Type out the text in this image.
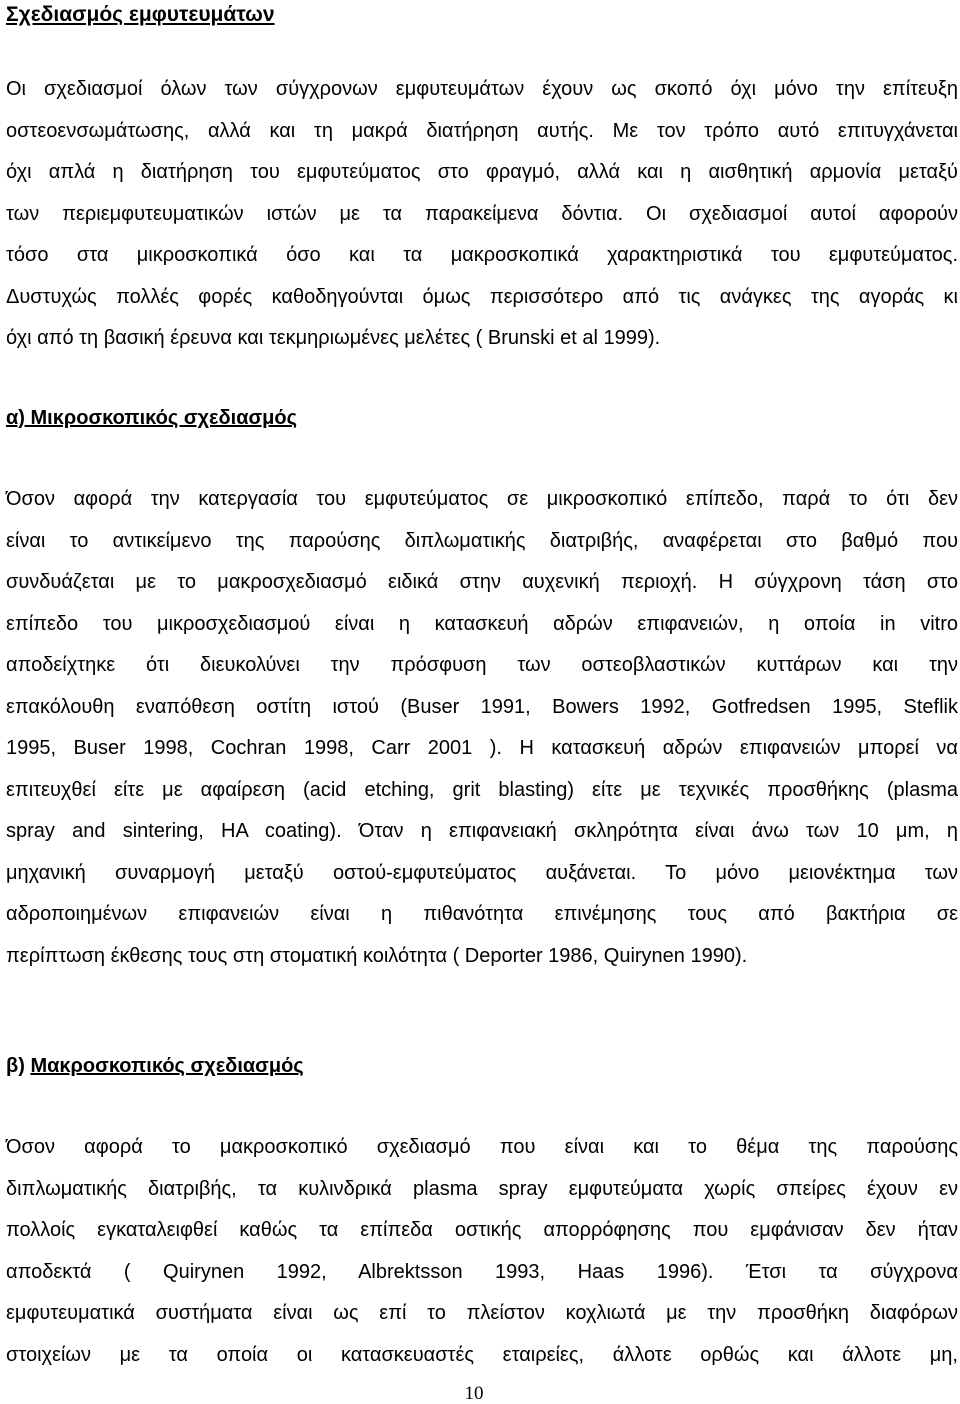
Σχεδιασμός εμφυτευμάτων
Οι σχεδιασμοί όλων των σύγχρονων εμφυτευμάτων έχουν ως σκοπό όχι μόνο την επίτευξη
οστεοενσωμάτωσης, αλλά και τη μακρά διατήρηση αυτής. Με τον τρόπο αυτό επιτυγχάνεται
όχι απλά η διατήρηση του εμφυτεύματος στο φραγμό, αλλά και η αισθητική αρμονία μεταξύ
των περιεμφυτευματικών ιστών με τα παρακείμενα δόντια. Οι σχεδιασμοί αυτοί αφορούν
τόσο στα μικροσκοπικά όσο και τα μακροσκοπικά χαρακτηριστικά του εμφυτεύματος.
Δυστυχώς πολλές φορές καθοδηγούνται όμως περισσότερο από τις ανάγκες της αγοράς κι
όχι από τη βασική έρευνα και τεκμηριωμένες μελέτες ( Brunski et al 1999).
α) Μικροσκοπικός σχεδιασμός
Όσον αφορά την κατεργασία του εμφυτεύματος σε μικροσκοπικό επίπεδο, παρά το ότι δεν
είναι το αντικείμενο της παρούσης διπλωματικής διατριβής, αναφέρεται στο βαθμό που
συνδυάζεται με το μακροσχεδιασμό ειδικά στην αυχενική περιοχή. Η σύγχρονη τάση στο
επίπεδο του μικροσχεδιασμού είναι η κατασκευή αδρών επιφανειών, η οποία in vitro
αποδείχτηκε ότι διευκολύνει την πρόσφυση των οστεοβλαστικών κυττάρων και την
επακόλουθη εναπόθεση οστίτη ιστού (Buser 1991, Bowers 1992, Gotfredsen 1995, Steflik
1995, Buser 1998, Cochran 1998, Carr 2001 ). Η κατασκευή αδρών επιφανειών μπορεί να
επιτευχθεί είτε με αφαίρεση (acid etching, grit blasting) είτε με τεχνικές προσθήκης (plasma
spray and sintering, HA coating). Όταν η επιφανειακή σκληρότητα είναι άνω των 10 μm, η
μηχανική συναρμογή μεταξύ οστού-εμφυτεύματος αυξάνεται. Το μόνο μειονέκτημα των
αδροποιημένων επιφανειών είναι η πιθανότητα επινέμησης τους από βακτήρια σε
περίπτωση έκθεσης τους στη στοματική κοιλότητα ( Deporter 1986, Quirynen 1990).
β) Μακροσκοπικός σχεδιασμός
Όσον αφορά το μακροσκοπικό σχεδιασμό που είναι και το θέμα της παρούσης
διπλωματικής διατριβής, τα κυλινδρικά plasma spray εμφυτεύματα χωρίς σπείρες έχουν εν
πολλοίς εγκαταλειφθεί καθώς τα επίπεδα οστικής απορρόφησης που εμφάνισαν δεν ήταν
αποδεκτά ( Quirynen 1992, Albrektsson 1993, Haas 1996). Έτσι τα σύγχρονα
εμφυτευματικά συστήματα είναι ως επί το πλείστον κοχλιωτά με την προσθήκη διαφόρων
στοιχείων με τα οποία οι κατασκευαστές εταιρείες, άλλοτε ορθώς και άλλοτε μη,
10
